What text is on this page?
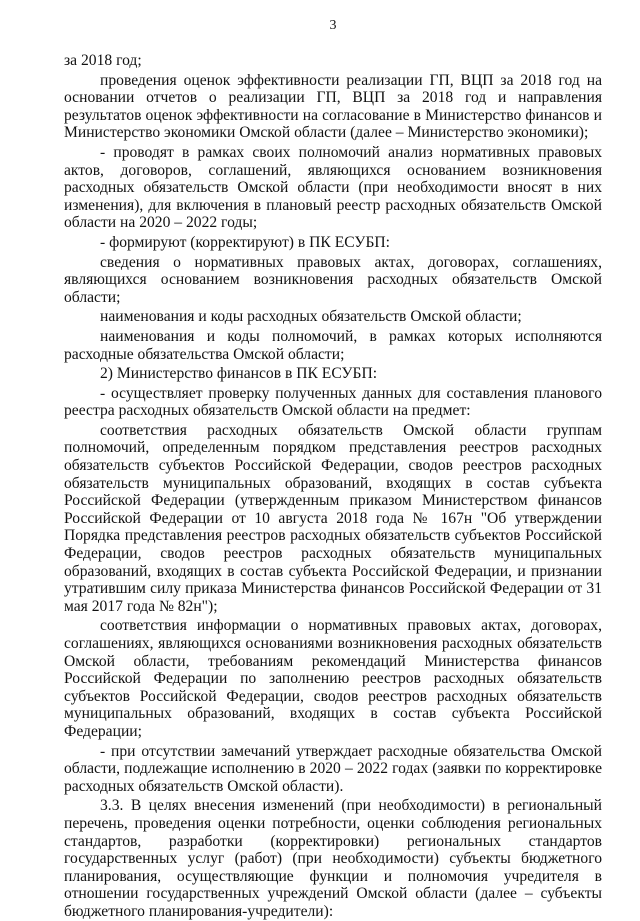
3

за 2018 год;

проведения оценок эффективности реализации ГП, ВЦП за 2018 год на основании отчетов о реализации ГП, ВЦП за 2018 год и направления результатов оценок эффективности на согласование в Министерство финансов и Министерство экономики Омской области (далее – Министерство экономики);

- проводят в рамках своих полномочий анализ нормативных правовых актов, договоров, соглашений, являющихся основанием возникновения расходных обязательств Омской области (при необходимости вносят в них изменения), для включения в плановый реестр расходных обязательств Омской области на 2020 – 2022 годы;

- формируют (корректируют) в ПК ЕСУБП:

сведения о нормативных правовых актах, договорах, соглашениях, являющихся основанием возникновения расходных обязательств Омской области;

наименования и коды расходных обязательств Омской области;

наименования и коды полномочий, в рамках которых исполняются расходные обязательства Омской области;

2) Министерство финансов в ПК ЕСУБП:

- осуществляет проверку полученных данных для составления планового реестра расходных обязательств Омской области на предмет:

соответствия расходных обязательств Омской области группам полномочий, определенным порядком представления реестров расходных обязательств субъектов Российской Федерации, сводов реестров расходных обязательств муниципальных образований, входящих в состав субъекта Российской Федерации (утвержденным приказом Министерством финансов Российской Федерации от 10 августа 2018 года № 167н "Об утверждении Порядка представления реестров расходных обязательств субъектов Российской Федерации, сводов реестров расходных обязательств муниципальных образований, входящих в состав субъекта Российской Федерации, и признании утратившим силу приказа Министерства финансов Российской Федерации от 31 мая 2017 года № 82н");

соответствия информации о нормативных правовых актах, договорах, соглашениях, являющихся основаниями возникновения расходных обязательств Омской области, требованиям рекомендаций Министерства финансов Российской Федерации по заполнению реестров расходных обязательств субъектов Российской Федерации, сводов реестров расходных обязательств муниципальных образований, входящих в состав субъекта Российской Федерации;

- при отсутствии замечаний утверждает расходные обязательства Омской области, подлежащие исполнению в 2020 – 2022 годах (заявки по корректировке расходных обязательств Омской области).

3.3. В целях внесения изменений (при необходимости) в региональный перечень, проведения оценки потребности, оценки соблюдения региональных стандартов, разработки (корректировки) региональных стандартов государственных услуг (работ) (при необходимости) субъекты бюджетного планирования, осуществляющие функции и полномочия учредителя в отношении государственных учреждений Омской области (далее – субъекты бюджетного планирования-учредители):
